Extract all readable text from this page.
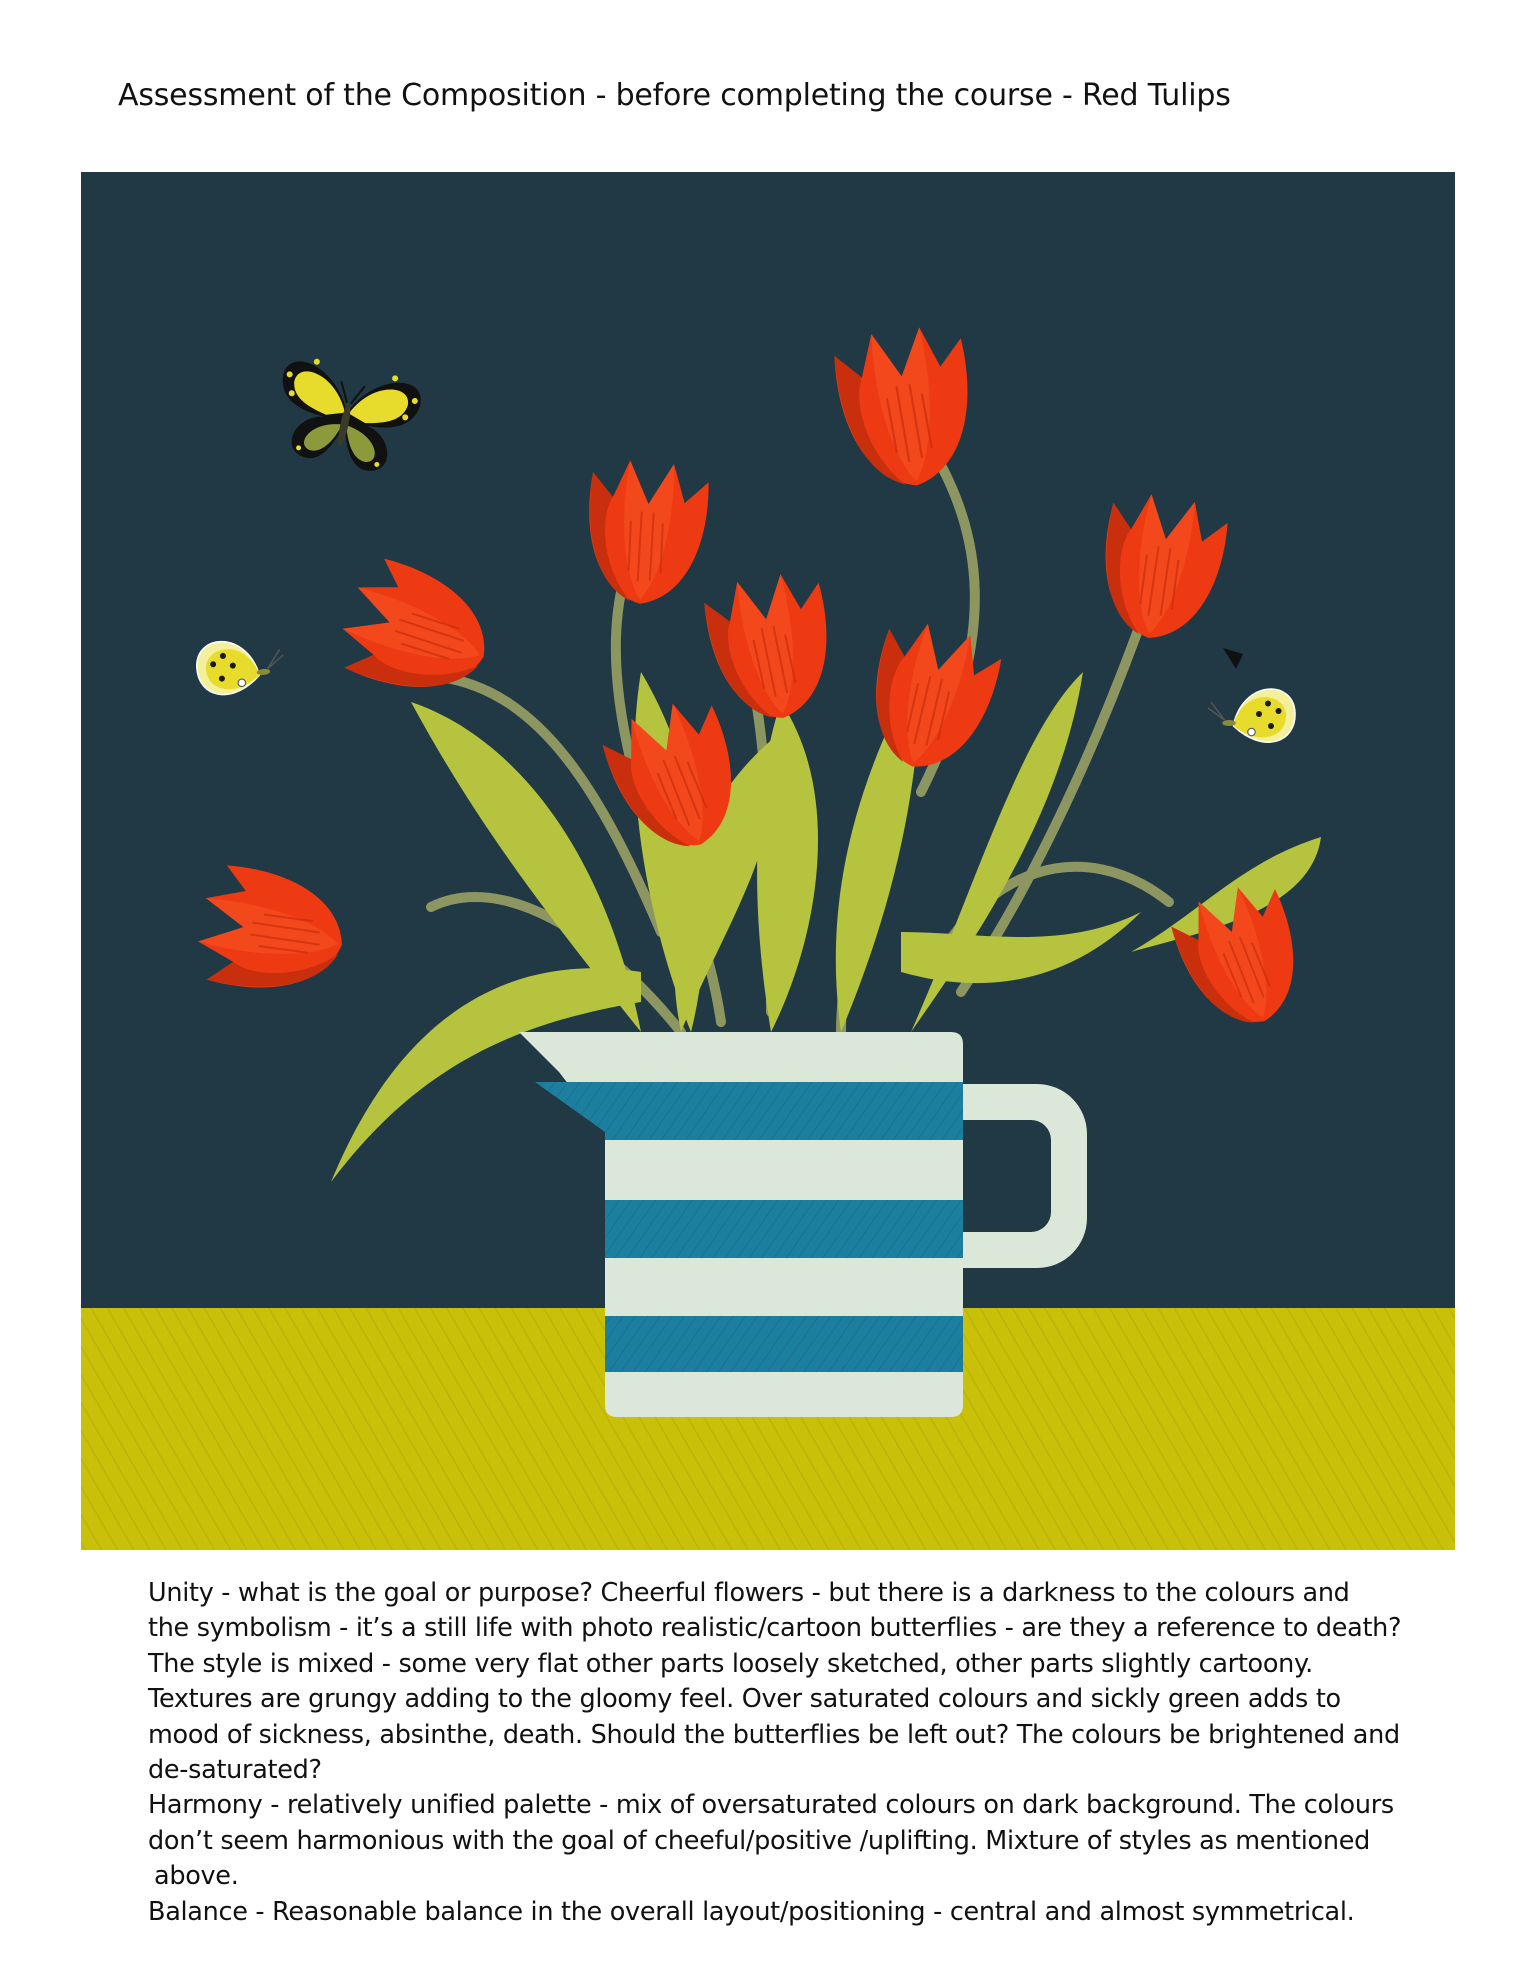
Assessment of the Composition - before completing the course - Red Tulips

Unity - what is the goal or purpose? Cheerful flowers - but there is a darkness to the colours and

the symbolism - it’s a still life with photo realistic/cartoon butterflies - are they a reference to death?

The style is mixed - some very flat other parts loosely sketched, other parts slightly cartoony.

Textures are grungy adding to the gloomy feel. Over saturated colours and sickly green adds to

mood of sickness, absinthe, death. Should the butterflies be left out? The colours be brightened and

de-saturated?

Harmony - relatively unified palette - mix of oversaturated colours on dark background. The colours

don’t seem harmonious with the goal of cheeful/positive /uplifting. Mixture of styles as mentioned

above.

Balance - Reasonable balance in the overall layout/positioning - central and almost symmetrical.
